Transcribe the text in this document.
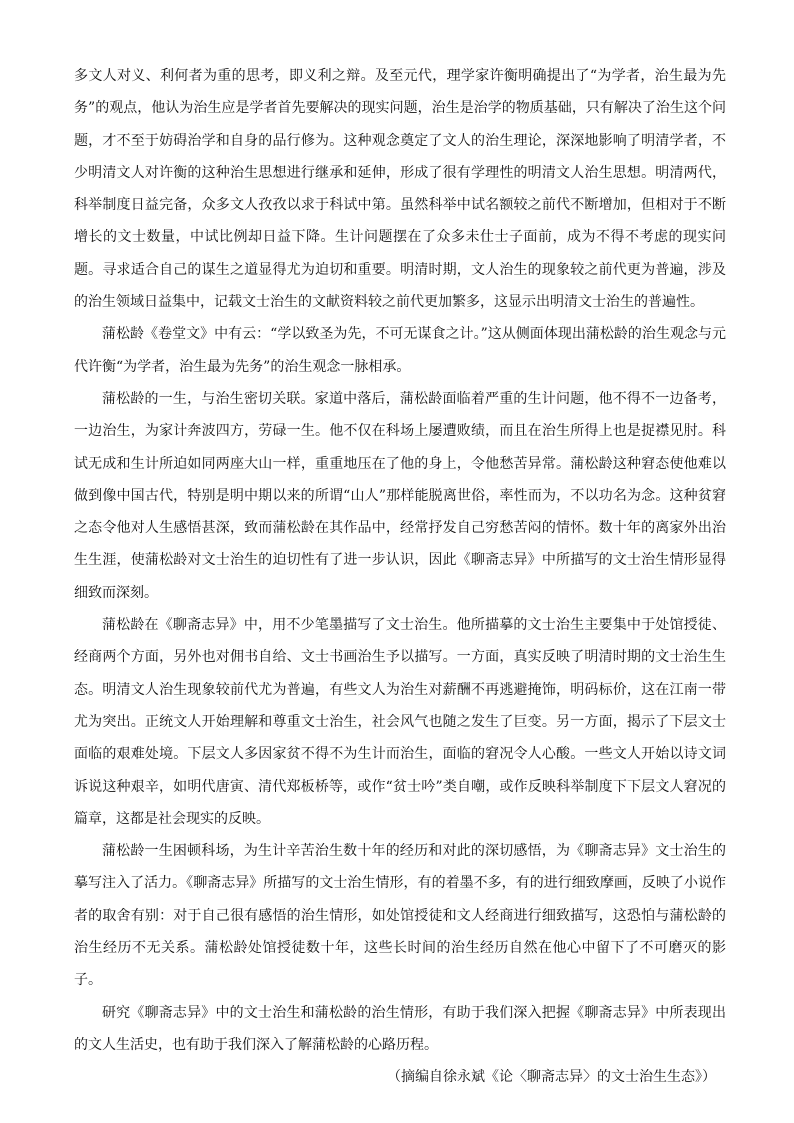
多文人对义、利何者为重的思考，即义利之辩。及至元代，理学家许衡明确提出了“为学者，治生最为先务”的观点，他认为治生应是学者首先要解决的现实问题，治生是治学的物质基础，只有解决了治生这个问题，才不至于妨碍治学和自身的品行修为。这种观念奠定了文人的治生理论，深深地影响了明清学者，不少明清文人对许衡的这种治生思想进行继承和延伸，形成了很有学理性的明清文人治生思想。明清两代，科举制度日益完备，众多文人孜孜以求于科试中第。虽然科举中试名额较之前代不断增加，但相对于不断增长的文士数量，中试比例却日益下降。生计问题摆在了众多未仕士子面前，成为不得不考虑的现实问题。寻求适合自己的谋生之道显得尤为迫切和重要。明清时期，文人治生的现象较之前代更为普遍，涉及的治生领域日益集中，记载文士治生的文献资料较之前代更加繁多，这显示出明清文士治生的普遍性。

蒲松龄《卷堂文》中有云：“学以致圣为先，不可无谋食之计。”这从侧面体现出蒲松龄的治生观念与元代许衡“为学者，治生最为先务”的治生观念一脉相承。

蒲松龄的一生，与治生密切关联。家道中落后，蒲松龄面临着严重的生计问题，他不得不一边备考，一边治生，为家计奔波四方，劳碌一生。他不仅在科场上屡遭败绩，而且在治生所得上也是捉襟见肘。科试无成和生计所迫如同两座大山一样，重重地压在了他的身上，令他愁苦异常。蒲松龄这种窘态使他难以做到像中国古代，特别是明中期以来的所谓“山人”那样能脱离世俗，率性而为，不以功名为念。这种贫窘之态令他对人生感悟甚深，致而蒲松龄在其作品中，经常抒发自己穷愁苦闷的情怀。数十年的离家外出治生生涯，使蒲松龄对文士治生的迫切性有了进一步认识，因此《聊斋志异》中所描写的文士治生情形显得细致而深刻。

蒲松龄在《聊斋志异》中，用不少笔墨描写了文士治生。他所描摹的文士治生主要集中于处馆授徒、经商两个方面，另外也对佣书自给、文士书画治生予以描写。一方面，真实反映了明清时期的文士治生生态。明清文人治生现象较前代尤为普遍，有些文人为治生对薪酬不再逃避掩饰，明码标价，这在江南一带尤为突出。正统文人开始理解和尊重文士治生，社会风气也随之发生了巨变。另一方面，揭示了下层文士面临的艰难处境。下层文人多因家贫不得不为生计而治生，面临的窘况令人心酸。一些文人开始以诗文词诉说这种艰辛，如明代唐寅、清代郑板桥等，或作“贫士吟”类自嘲，或作反映科举制度下下层文人窘况的篇章，这都是社会现实的反映。

蒲松龄一生困顿科场，为生计辛苦治生数十年的经历和对此的深切感悟，为《聊斋志异》文士治生的摹写注入了活力。《聊斋志异》所描写的文士治生情形，有的着墨不多，有的进行细致摩画，反映了小说作者的取舍有别：对于自己很有感悟的治生情形，如处馆授徒和文人经商进行细致描写，这恐怕与蒲松龄的治生经历不无关系。蒲松龄处馆授徒数十年，这些长时间的治生经历自然在他心中留下了不可磨灭的影子。

研究《聊斋志异》中的文士治生和蒲松龄的治生情形，有助于我们深入把握《聊斋志异》中所表现出的文人生活史，也有助于我们深入了解蒲松龄的心路历程。

（摘编自徐永斌《论〈聊斋志异〉的文士治生生态》）
